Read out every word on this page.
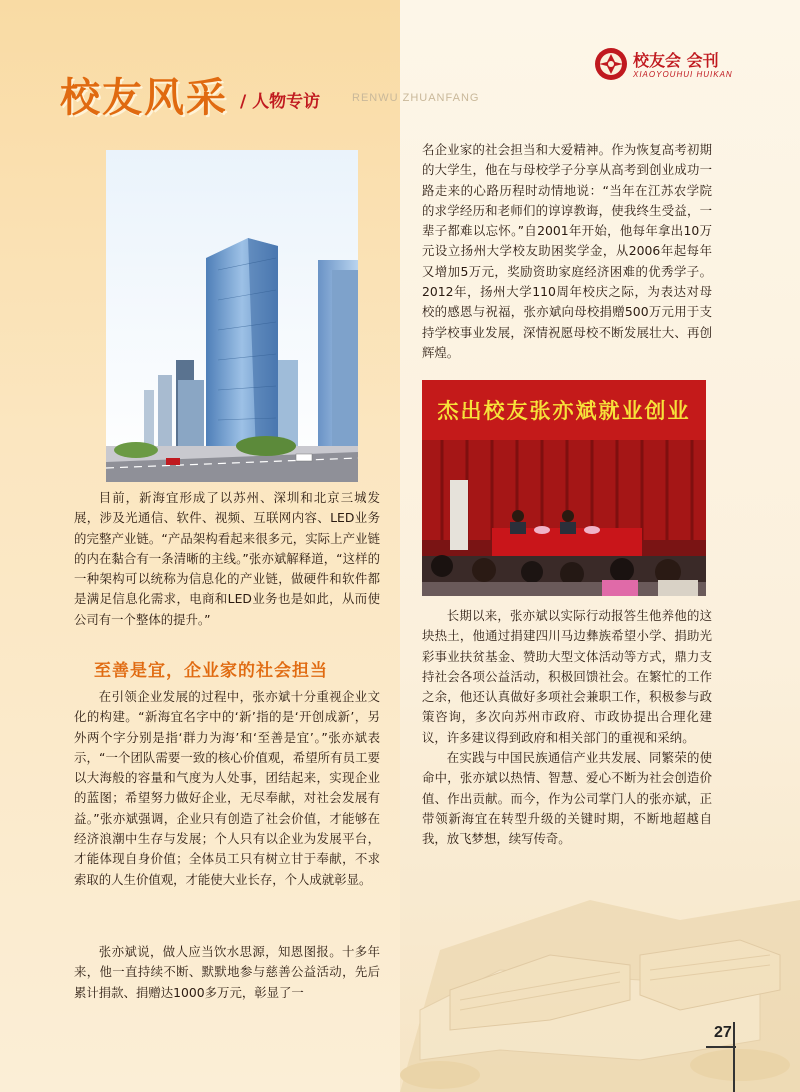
校友风采 / 人物专访	RENWU ZHUANFANG
校友会 会刊
XIAOYOUHUI HUIKAN
杰出校友张亦斌就业创业

目前，新海宜形成了以苏州、深圳和北京三城发展，涉及光通信、软件、视频、互联网内容、LED业务的完整产业链。“产品架构看起来很多元，实际上产业链的内在黏合有一条清晰的主线。”张亦斌解释道，“这样的一种架构可以统称为信息化的产业链，做硬件和软件都是满足信息化需求，电商和LED业务也是如此，从而使公司有一个整体的提升。”

至善是宜，企业家的社会担当

在引领企业发展的过程中，张亦斌十分重视企业文化的构建。“新海宜名字中的‘新’指的是‘开创成新’，另外两个字分别是指‘群力为海’和‘至善是宜’。”张亦斌表示，“一个团队需要一致的核心价值观，希望所有员工要以大海般的容量和气度为人处事，团结起来，实现企业的蓝图；希望努力做好企业，无尽奉献，对社会发展有益。”张亦斌强调，企业只有创造了社会价值，才能够在经济浪潮中生存与发展；个人只有以企业为发展平台，才能体现自身价值；全体员工只有树立甘于奉献，不求索取的人生价值观，才能使大业长存，个人成就彰显。

张亦斌说，做人应当饮水思源，知恩图报。十多年来，他一直持续不断、默默地参与慈善公益活动，先后累计捐款、捐赠达1000多万元，彰显了一

名企业家的社会担当和大爱精神。作为恢复高考初期的大学生，他在与母校学子分享从高考到创业成功一路走来的心路历程时动情地说：“当年在江苏农学院的求学经历和老师们的谆谆教诲，使我终生受益，一辈子都难以忘怀。”自2001年开始，他每年拿出10万元设立扬州大学校友助困奖学金，从2006年起每年又增加5万元，奖励资助家庭经济困难的优秀学子。2012年，扬州大学110周年校庆之际，为表达对母校的感恩与祝福，张亦斌向母校捐赠500万元用于支持学校事业发展，深情祝愿母校不断发展壮大、再创辉煌。

长期以来，张亦斌以实际行动报答生他养他的这块热土，他通过捐建四川马边彝族希望小学、捐助光彩事业扶贫基金、赞助大型文体活动等方式，鼎力支持社会各项公益活动，积极回馈社会。在繁忙的工作之余，他还认真做好多项社会兼职工作，积极参与政策咨询，多次向苏州市政府、市政协提出合理化建议，许多建议得到政府和相关部门的重视和采纳。

在实践与中国民族通信产业共发展、同繁荣的使命中，张亦斌以热情、智慧、爱心不断为社会创造价值、作出贡献。而今，作为公司掌门人的张亦斌，正带领新海宜在转型升级的关键时期，不断地超越自我，放飞梦想，续写传奇。

27
